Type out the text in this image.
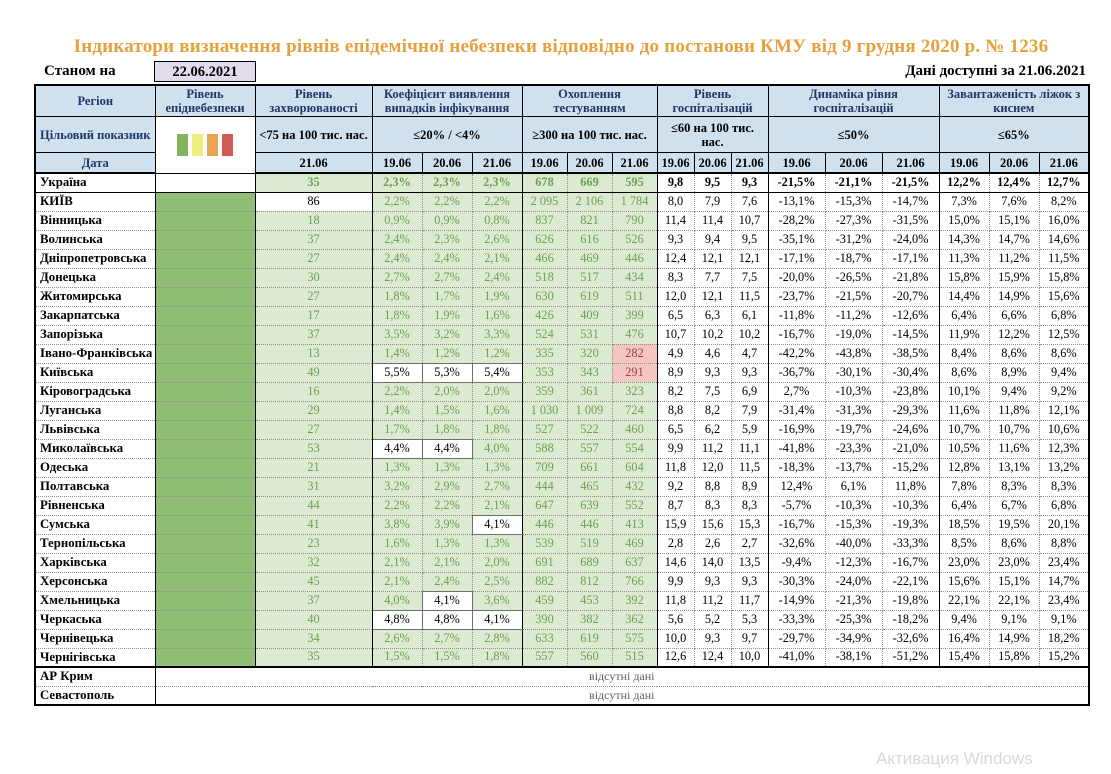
Індикатори визначення рівнів епідемічної небезпеки відповідно до постанови КМУ від 9 грудня 2020 р. № 1236
Станом на	22.06.2021	Дані доступні за 21.06.2021
Регіон	Рівень епіднебезпеки	Рівень захворюваності	Коефіцієнт виявлення випадків інфікування			Охоплення тестуванням			Рівень госпіталізацій			Динаміка рівня госпіталізацій			Завантаженість ліжок з киснем		
Цільовий показник		<75 на 100 тис. нас.	≤20% / <4%			≥300 на 100 тис. нас.			≤60 на 100 тис. нас.			≤50%			≤65%		
Дата		21.06	19.06	20.06	21.06	19.06	20.06	21.06	19.06	20.06	21.06	19.06	20.06	21.06	19.06	20.06	21.06
Україна		35	2,3%	2,3%	2,3%	678	669	595	9,8	9,5	9,3	-21,5%	-21,1%	-21,5%	12,2%	12,4%	12,7%
КИЇВ		86	2,2%	2,2%	2,2%	2 095	2 106	1 784	8,0	7,9	7,6	-13,1%	-15,3%	-14,7%	7,3%	7,6%	8,2%
Вінницька		18	0,9%	0,9%	0,8%	837	821	790	11,4	11,4	10,7	-28,2%	-27,3%	-31,5%	15,0%	15,1%	16,0%
Волинська		37	2,4%	2,3%	2,6%	626	616	526	9,3	9,4	9,5	-35,1%	-31,2%	-24,0%	14,3%	14,7%	14,6%
Дніпропетровська		27	2,4%	2,4%	2,1%	466	469	446	12,4	12,1	12,1	-17,1%	-18,7%	-17,1%	11,3%	11,2%	11,5%
Донецька		30	2,7%	2,7%	2,4%	518	517	434	8,3	7,7	7,5	-20,0%	-26,5%	-21,8%	15,8%	15,9%	15,8%
Житомирська		27	1,8%	1,7%	1,9%	630	619	511	12,0	12,1	11,5	-23,7%	-21,5%	-20,7%	14,4%	14,9%	15,6%
Закарпатська		17	1,8%	1,9%	1,6%	426	409	399	6,5	6,3	6,1	-11,8%	-11,2%	-12,6%	6,4%	6,6%	6,8%
Запорізька		37	3,5%	3,2%	3,3%	524	531	476	10,7	10,2	10,2	-16,7%	-19,0%	-14,5%	11,9%	12,2%	12,5%
Івано-Франківська		13	1,4%	1,2%	1,2%	335	320	282	4,9	4,6	4,7	-42,2%	-43,8%	-38,5%	8,4%	8,6%	8,6%
Київська		49	5,5%	5,3%	5,4%	353	343	291	8,9	9,3	9,3	-36,7%	-30,1%	-30,4%	8,6%	8,9%	9,4%
Кіровоградська		16	2,2%	2,0%	2,0%	359	361	323	8,2	7,5	6,9	2,7%	-10,3%	-23,8%	10,1%	9,4%	9,2%
Луганська		29	1,4%	1,5%	1,6%	1 030	1 009	724	8,8	8,2	7,9	-31,4%	-31,3%	-29,3%	11,6%	11,8%	12,1%
Львівська		27	1,7%	1,8%	1,8%	527	522	460	6,5	6,2	5,9	-16,9%	-19,7%	-24,6%	10,7%	10,7%	10,6%
Миколаївська		53	4,4%	4,4%	4,0%	588	557	554	9,9	11,2	11,1	-41,8%	-23,3%	-21,0%	10,5%	11,6%	12,3%
Одеська		21	1,3%	1,3%	1,3%	709	661	604	11,8	12,0	11,5	-18,3%	-13,7%	-15,2%	12,8%	13,1%	13,2%
Полтавська		31	3,2%	2,9%	2,7%	444	465	432	9,2	8,8	8,9	12,4%	6,1%	11,8%	7,8%	8,3%	8,3%
Рівненська		44	2,2%	2,2%	2,1%	647	639	552	8,7	8,3	8,3	-5,7%	-10,3%	-10,3%	6,4%	6,7%	6,8%
Сумська		41	3,8%	3,9%	4,1%	446	446	413	15,9	15,6	15,3	-16,7%	-15,3%	-19,3%	18,5%	19,5%	20,1%
Тернопільська		23	1,6%	1,3%	1,3%	539	519	469	2,8	2,6	2,7	-32,6%	-40,0%	-33,3%	8,5%	8,6%	8,8%
Харківська		32	2,1%	2,1%	2,0%	691	689	637	14,6	14,0	13,5	-9,4%	-12,3%	-16,7%	23,0%	23,0%	23,4%
Херсонська		45	2,1%	2,4%	2,5%	882	812	766	9,9	9,3	9,3	-30,3%	-24,0%	-22,1%	15,6%	15,1%	14,7%
Хмельницька		37	4,0%	4,1%	3,6%	459	453	392	11,8	11,2	11,7	-14,9%	-21,3%	-19,8%	22,1%	22,1%	23,4%
Черкаська		40	4,8%	4,8%	4,1%	390	382	362	5,6	5,2	5,3	-33,3%	-25,3%	-18,2%	9,4%	9,1%	9,1%
Чернівецька		34	2,6%	2,7%	2,8%	633	619	575	10,0	9,3	9,7	-29,7%	-34,9%	-32,6%	16,4%	14,9%	18,2%
Чернігівська		35	1,5%	1,5%	1,8%	557	560	515	12,6	12,4	10,0	-41,0%	-38,1%	-51,2%	15,4%	15,8%	15,2%
АР Крим	відсутні дані																
Севастополь	відсутні дані																
Активация Windows
